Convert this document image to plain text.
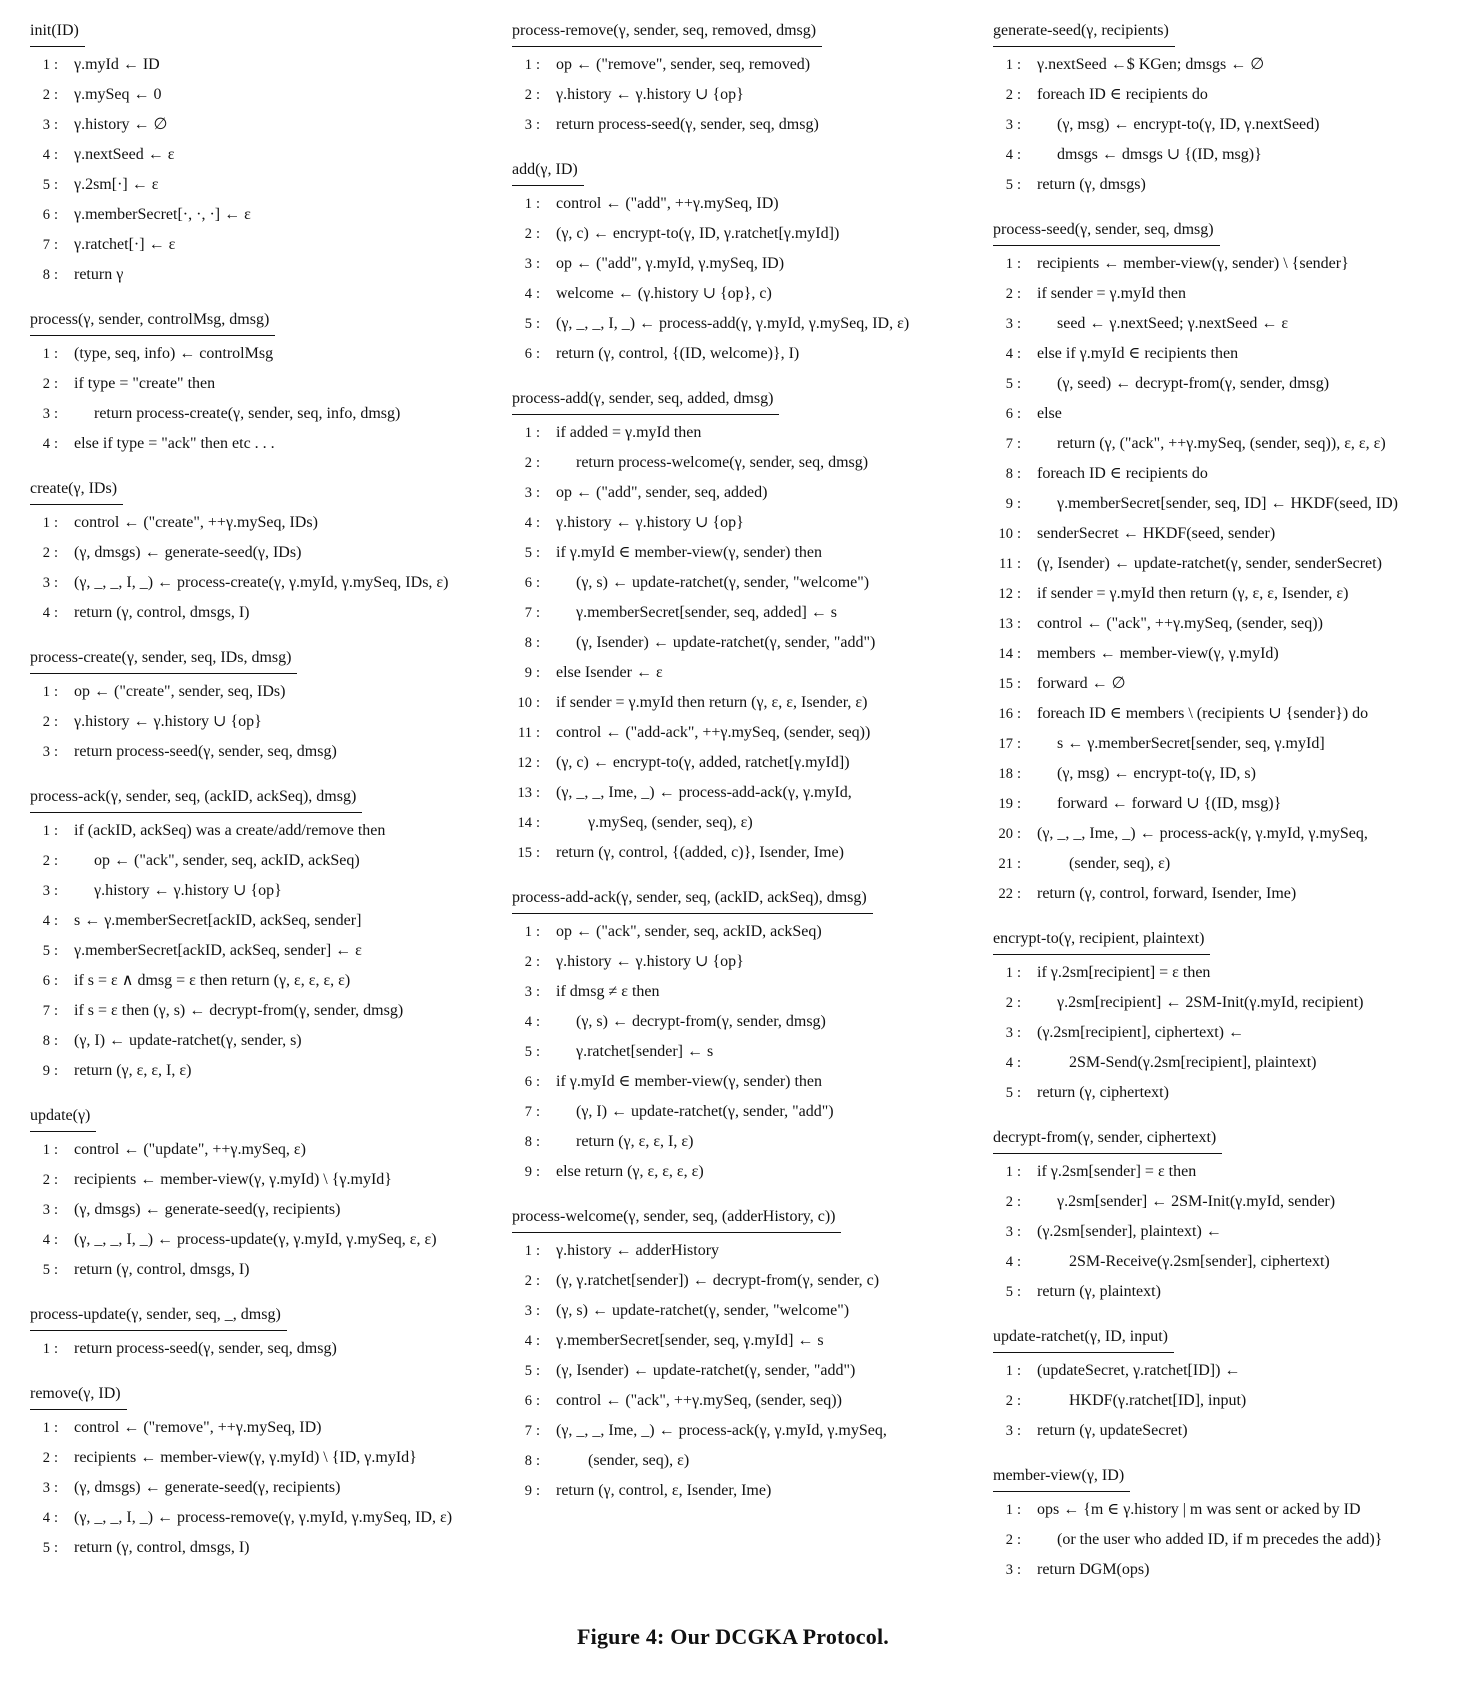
init(ID)
1 :	γ.myId ← ID
2 :	γ.mySeq ← 0
3 :	γ.history ← ∅
4 :	γ.nextSeed ← ε
5 :	γ.2sm[·] ← ε
6 :	γ.memberSecret[·, ·, ·] ← ε
7 :	γ.ratchet[·] ← ε
8 :	return γ
process(γ, sender, controlMsg, dmsg)
1 :	(type, seq, info) ← controlMsg
2 :	if type = "create" then
3 :	return process-create(γ, sender, seq, info, dmsg)
4 :	else if type = "ack" then etc . . .
create(γ, IDs)
1 :	control ← ("create", ++γ.mySeq, IDs)
2 :	(γ, dmsgs) ← generate-seed(γ, IDs)
3 :	(γ, _, _, I, _) ← process-create(γ, γ.myId, γ.mySeq, IDs, ε)
4 :	return (γ, control, dmsgs, I)
process-create(γ, sender, seq, IDs, dmsg)
1 :	op ← ("create", sender, seq, IDs)
2 :	γ.history ← γ.history ∪ {op}
3 :	return process-seed(γ, sender, seq, dmsg)
process-ack(γ, sender, seq, (ackID, ackSeq), dmsg)
1 :	if (ackID, ackSeq) was a create/add/remove then
2 :	op ← ("ack", sender, seq, ackID, ackSeq)
3 :	γ.history ← γ.history ∪ {op}
4 :	s ← γ.memberSecret[ackID, ackSeq, sender]
5 :	γ.memberSecret[ackID, ackSeq, sender] ← ε
6 :	if s = ε ∧ dmsg = ε then return (γ, ε, ε, ε, ε)
7 :	if s = ε then (γ, s) ← decrypt-from(γ, sender, dmsg)
8 :	(γ, I) ← update-ratchet(γ, sender, s)
9 :	return (γ, ε, ε, I, ε)
update(γ)
1 :	control ← ("update", ++γ.mySeq, ε)
2 :	recipients ← member-view(γ, γ.myId) \ {γ.myId}
3 :	(γ, dmsgs) ← generate-seed(γ, recipients)
4 :	(γ, _, _, I, _) ← process-update(γ, γ.myId, γ.mySeq, ε, ε)
5 :	return (γ, control, dmsgs, I)
process-update(γ, sender, seq, _, dmsg)
1 :	return process-seed(γ, sender, seq, dmsg)
remove(γ, ID)
1 :	control ← ("remove", ++γ.mySeq, ID)
2 :	recipients ← member-view(γ, γ.myId) \ {ID, γ.myId}
3 :	(γ, dmsgs) ← generate-seed(γ, recipients)
4 :	(γ, _, _, I, _) ← process-remove(γ, γ.myId, γ.mySeq, ID, ε)
5 :	return (γ, control, dmsgs, I)
process-remove(γ, sender, seq, removed, dmsg)
1 :	op ← ("remove", sender, seq, removed)
2 :	γ.history ← γ.history ∪ {op}
3 :	return process-seed(γ, sender, seq, dmsg)
add(γ, ID)
1 :	control ← ("add", ++γ.mySeq, ID)
2 :	(γ, c) ← encrypt-to(γ, ID, γ.ratchet[γ.myId])
3 :	op ← ("add", γ.myId, γ.mySeq, ID)
4 :	welcome ← (γ.history ∪ {op}, c)
5 :	(γ, _, _, I, _) ← process-add(γ, γ.myId, γ.mySeq, ID, ε)
6 :	return (γ, control, {(ID, welcome)}, I)
process-add(γ, sender, seq, added, dmsg)
1 :	if added = γ.myId then
2 :	return process-welcome(γ, sender, seq, dmsg)
3 :	op ← ("add", sender, seq, added)
4 :	γ.history ← γ.history ∪ {op}
5 :	if γ.myId ∈ member-view(γ, sender) then
6 :	(γ, s) ← update-ratchet(γ, sender, "welcome")
7 :	γ.memberSecret[sender, seq, added] ← s
8 :	(γ, Isender) ← update-ratchet(γ, sender, "add")
9 :	else Isender ← ε
10 :	if sender = γ.myId then return (γ, ε, ε, Isender, ε)
11 :	control ← ("add-ack", ++γ.mySeq, (sender, seq))
12 :	(γ, c) ← encrypt-to(γ, added, ratchet[γ.myId])
13 :	(γ, _, _, Ime, _) ← process-add-ack(γ, γ.myId,
14 :	γ.mySeq, (sender, seq), ε)
15 :	return (γ, control, {(added, c)}, Isender, Ime)
process-add-ack(γ, sender, seq, (ackID, ackSeq), dmsg)
1 :	op ← ("ack", sender, seq, ackID, ackSeq)
2 :	γ.history ← γ.history ∪ {op}
3 :	if dmsg ≠ ε then
4 :	(γ, s) ← decrypt-from(γ, sender, dmsg)
5 :	γ.ratchet[sender] ← s
6 :	if γ.myId ∈ member-view(γ, sender) then
7 :	(γ, I) ← update-ratchet(γ, sender, "add")
8 :	return (γ, ε, ε, I, ε)
9 :	else return (γ, ε, ε, ε, ε)
process-welcome(γ, sender, seq, (adderHistory, c))
1 :	γ.history ← adderHistory
2 :	(γ, γ.ratchet[sender]) ← decrypt-from(γ, sender, c)
3 :	(γ, s) ← update-ratchet(γ, sender, "welcome")
4 :	γ.memberSecret[sender, seq, γ.myId] ← s
5 :	(γ, Isender) ← update-ratchet(γ, sender, "add")
6 :	control ← ("ack", ++γ.mySeq, (sender, seq))
7 :	(γ, _, _, Ime, _) ← process-ack(γ, γ.myId, γ.mySeq,
8 :	(sender, seq), ε)
9 :	return (γ, control, ε, Isender, Ime)
generate-seed(γ, recipients)
1 :	γ.nextSeed ←$ KGen; dmsgs ← ∅
2 :	foreach ID ∈ recipients do
3 :	(γ, msg) ← encrypt-to(γ, ID, γ.nextSeed)
4 :	dmsgs ← dmsgs ∪ {(ID, msg)}
5 :	return (γ, dmsgs)
process-seed(γ, sender, seq, dmsg)
1 :	recipients ← member-view(γ, sender) \ {sender}
2 :	if sender = γ.myId then
3 :	seed ← γ.nextSeed; γ.nextSeed ← ε
4 :	else if γ.myId ∈ recipients then
5 :	(γ, seed) ← decrypt-from(γ, sender, dmsg)
6 :	else
7 :	return (γ, ("ack", ++γ.mySeq, (sender, seq)), ε, ε, ε)
8 :	foreach ID ∈ recipients do
9 :	γ.memberSecret[sender, seq, ID] ← HKDF(seed, ID)
10 :	senderSecret ← HKDF(seed, sender)
11 :	(γ, Isender) ← update-ratchet(γ, sender, senderSecret)
12 :	if sender = γ.myId then return (γ, ε, ε, Isender, ε)
13 :	control ← ("ack", ++γ.mySeq, (sender, seq))
14 :	members ← member-view(γ, γ.myId)
15 :	forward ← ∅
16 :	foreach ID ∈ members \ (recipients ∪ {sender}) do
17 :	s ← γ.memberSecret[sender, seq, γ.myId]
18 :	(γ, msg) ← encrypt-to(γ, ID, s)
19 :	forward ← forward ∪ {(ID, msg)}
20 :	(γ, _, _, Ime, _) ← process-ack(γ, γ.myId, γ.mySeq,
21 :	(sender, seq), ε)
22 :	return (γ, control, forward, Isender, Ime)
encrypt-to(γ, recipient, plaintext)
1 :	if γ.2sm[recipient] = ε then
2 :	γ.2sm[recipient] ← 2SM-Init(γ.myId, recipient)
3 :	(γ.2sm[recipient], ciphertext) ←
4 :	2SM-Send(γ.2sm[recipient], plaintext)
5 :	return (γ, ciphertext)
decrypt-from(γ, sender, ciphertext)
1 :	if γ.2sm[sender] = ε then
2 :	γ.2sm[sender] ← 2SM-Init(γ.myId, sender)
3 :	(γ.2sm[sender], plaintext) ←
4 :	2SM-Receive(γ.2sm[sender], ciphertext)
5 :	return (γ, plaintext)
update-ratchet(γ, ID, input)
1 :	(updateSecret, γ.ratchet[ID]) ←
2 :	HKDF(γ.ratchet[ID], input)
3 :	return (γ, updateSecret)
member-view(γ, ID)
1 :	ops ← {m ∈ γ.history | m was sent or acked by ID
2 :	(or the user who added ID, if m precedes the add)}
3 :	return DGM(ops)
Figure 4: Our DCGKA Protocol.
